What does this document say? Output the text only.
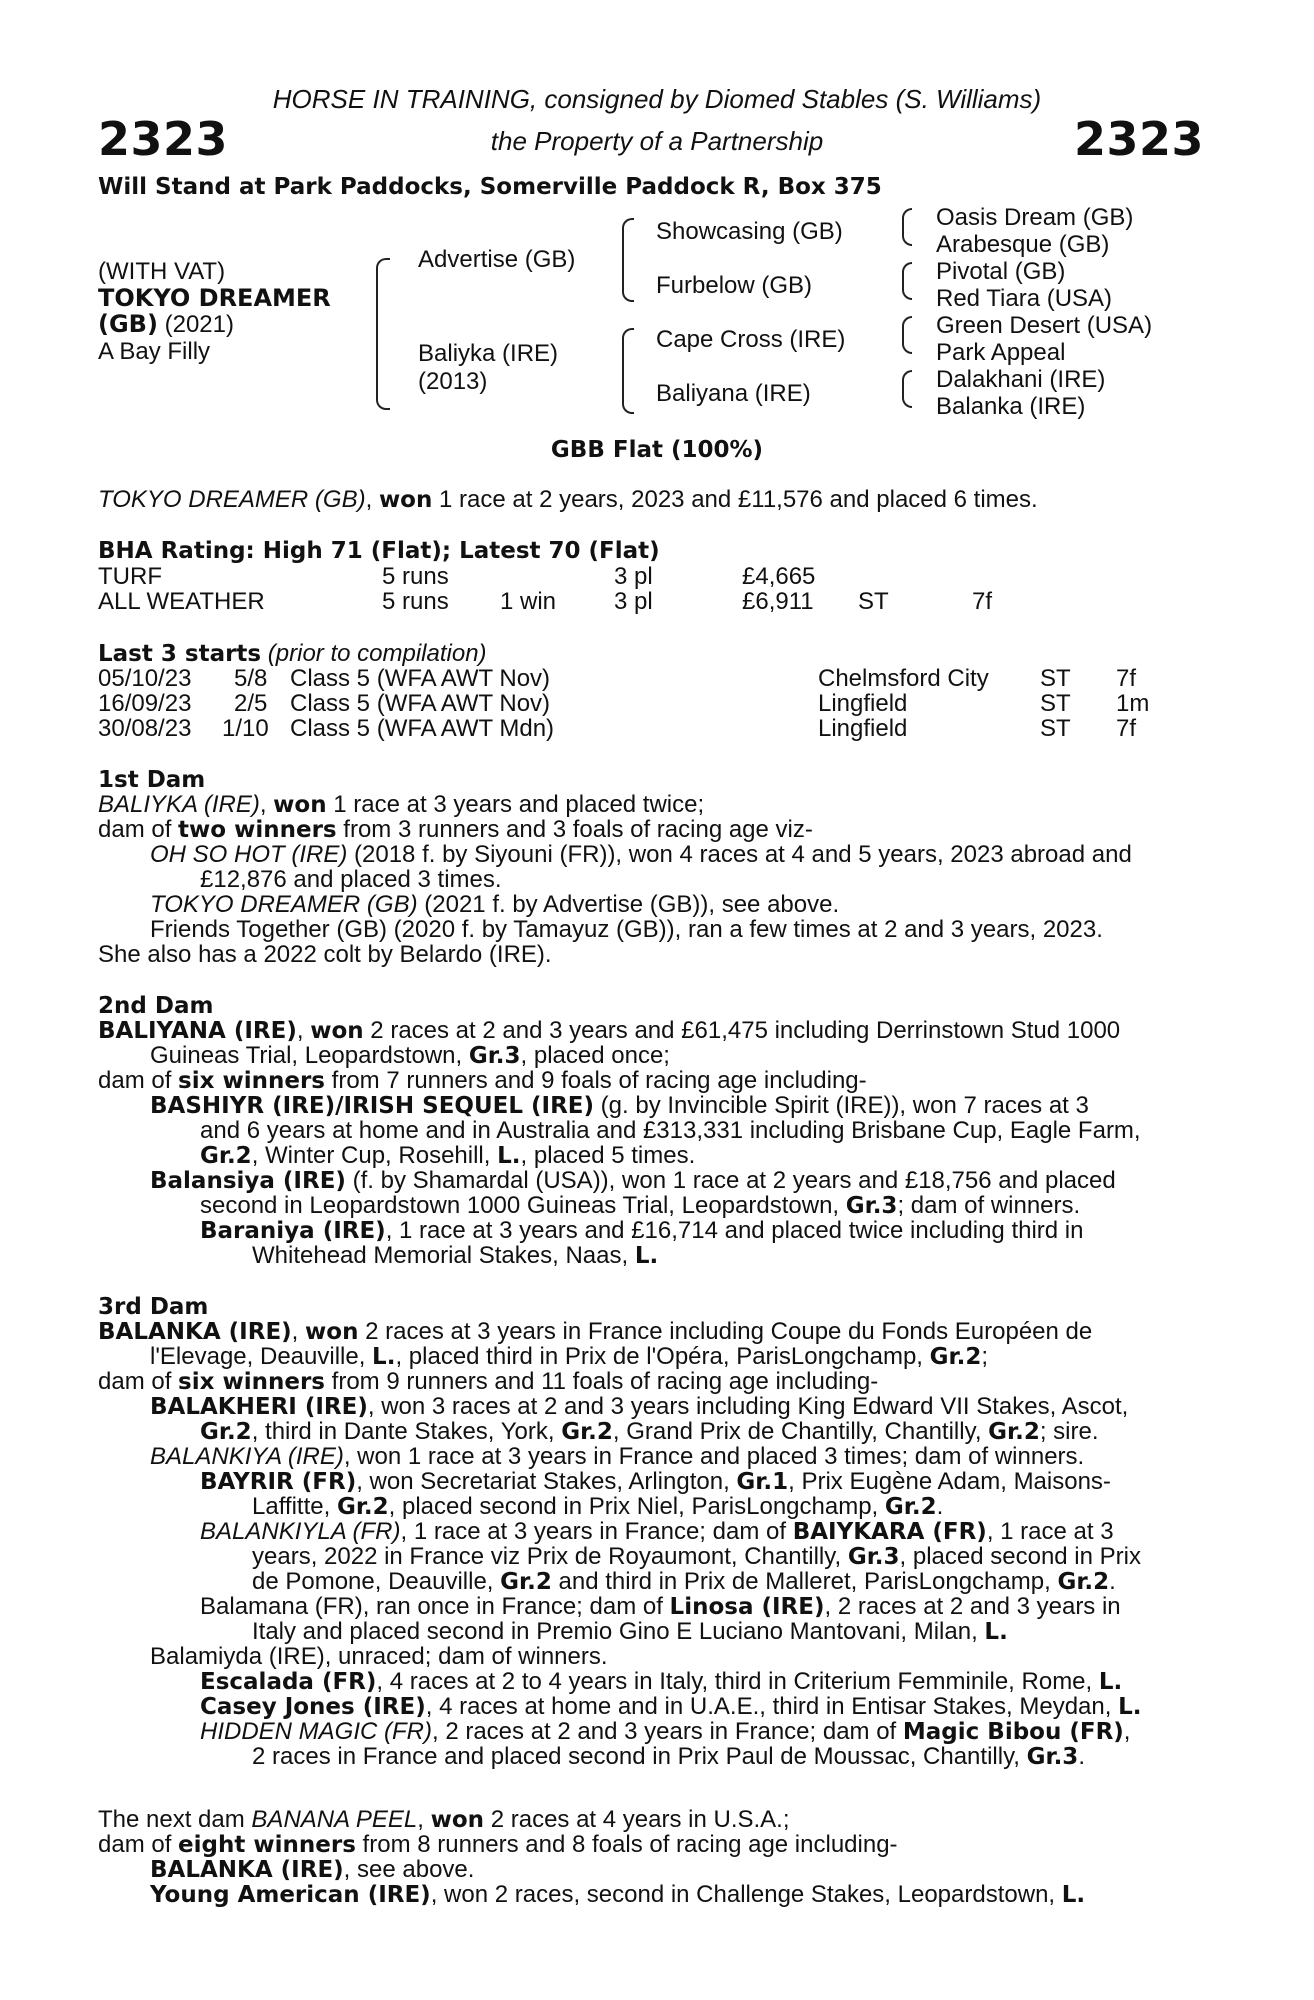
2323	2323
HORSE IN TRAINING, consigned by Diomed Stables (S. Williams)
the Property of a Partnership
Will Stand at Park Paddocks, Somerville Paddock R, Box 375
(WITH VAT)
TOKYO DREAMER
(GB) (2021)
A Bay Filly
Advertise (GB)
Baliyka (IRE)
(2013)
Showcasing (GB)
Furbelow (GB)
Cape Cross (IRE)
Baliyana (IRE)
Oasis Dream (GB)
Arabesque (GB)
Pivotal (GB)
Red Tiara (USA)
Green Desert (USA)
Park Appeal
Dalakhani (IRE)
Balanka (IRE)
GBB Flat (100%)
TOKYO DREAMER (GB), won 1 race at 2 years, 2023 and £11,576 and placed 6 times.
BHA Rating: High 71 (Flat); Latest 70 (Flat)
TURF	5 runs	3 pl	£4,665
ALL WEATHER	5 runs 1 win 3 pl	£6,911 ST	7f
Last 3 starts (prior to compilation)
05/10/23 5/8 Class 5 (WFA AWT Nov)	Chelmsford City ST 7f
16/09/23 2/5 Class 5 (WFA AWT Nov)	Lingfield	ST 1m
30/08/23 1/10 Class 5 (WFA AWT Mdn)	Lingfield	ST 7f
1st Dam
BALIYKA (IRE), won 1 race at 3 years and placed twice;
dam of two winners from 3 runners and 3 foals of racing age viz-
OH SO HOT (IRE) (2018 f. by Siyouni (FR)), won 4 races at 4 and 5 years, 2023 abroad and
£12,876 and placed 3 times.
TOKYO DREAMER (GB) (2021 f. by Advertise (GB)), see above.
Friends Together (GB) (2020 f. by Tamayuz (GB)), ran a few times at 2 and 3 years, 2023.
She also has a 2022 colt by Belardo (IRE).
2nd Dam
BALIYANA (IRE), won 2 races at 2 and 3 years and £61,475 including Derrinstown Stud 1000
Guineas Trial, Leopardstown, Gr.3, placed once;
dam of six winners from 7 runners and 9 foals of racing age including-
BASHIYR (IRE)/IRISH SEQUEL (IRE) (g. by Invincible Spirit (IRE)), won 7 races at 3
and 6 years at home and in Australia and £313,331 including Brisbane Cup, Eagle Farm,
Gr.2, Winter Cup, Rosehill, L., placed 5 times.
Balansiya (IRE) (f. by Shamardal (USA)), won 1 race at 2 years and £18,756 and placed
second in Leopardstown 1000 Guineas Trial, Leopardstown, Gr.3; dam of winners.
Baraniya (IRE), 1 race at 3 years and £16,714 and placed twice including third in
Whitehead Memorial Stakes, Naas, L.
3rd Dam
BALANKA (IRE), won 2 races at 3 years in France including Coupe du Fonds Européen de
l'Elevage, Deauville, L., placed third in Prix de l'Opéra, ParisLongchamp, Gr.2;
dam of six winners from 9 runners and 11 foals of racing age including-
BALAKHERI (IRE), won 3 races at 2 and 3 years including King Edward VII Stakes, Ascot,
Gr.2, third in Dante Stakes, York, Gr.2, Grand Prix de Chantilly, Chantilly, Gr.2; sire.
BALANKIYA (IRE), won 1 race at 3 years in France and placed 3 times; dam of winners.
BAYRIR (FR), won Secretariat Stakes, Arlington, Gr.1, Prix Eugène Adam, Maisons-
Laffitte, Gr.2, placed second in Prix Niel, ParisLongchamp, Gr.2.
BALANKIYLA (FR), 1 race at 3 years in France; dam of BAIYKARA (FR), 1 race at 3
years, 2022 in France viz Prix de Royaumont, Chantilly, Gr.3, placed second in Prix
de Pomone, Deauville, Gr.2 and third in Prix de Malleret, ParisLongchamp, Gr.2.
Balamana (FR), ran once in France; dam of Linosa (IRE), 2 races at 2 and 3 years in
Italy and placed second in Premio Gino E Luciano Mantovani, Milan, L.
Balamiyda (IRE), unraced; dam of winners.
Escalada (FR), 4 races at 2 to 4 years in Italy, third in Criterium Femminile, Rome, L.
Casey Jones (IRE), 4 races at home and in U.A.E., third in Entisar Stakes, Meydan, L.
HIDDEN MAGIC (FR), 2 races at 2 and 3 years in France; dam of Magic Bibou (FR),
2 races in France and placed second in Prix Paul de Moussac, Chantilly, Gr.3.
The next dam BANANA PEEL, won 2 races at 4 years in U.S.A.;
dam of eight winners from 8 runners and 8 foals of racing age including-
BALANKA (IRE), see above.
Young American (IRE), won 2 races, second in Challenge Stakes, Leopardstown, L.
